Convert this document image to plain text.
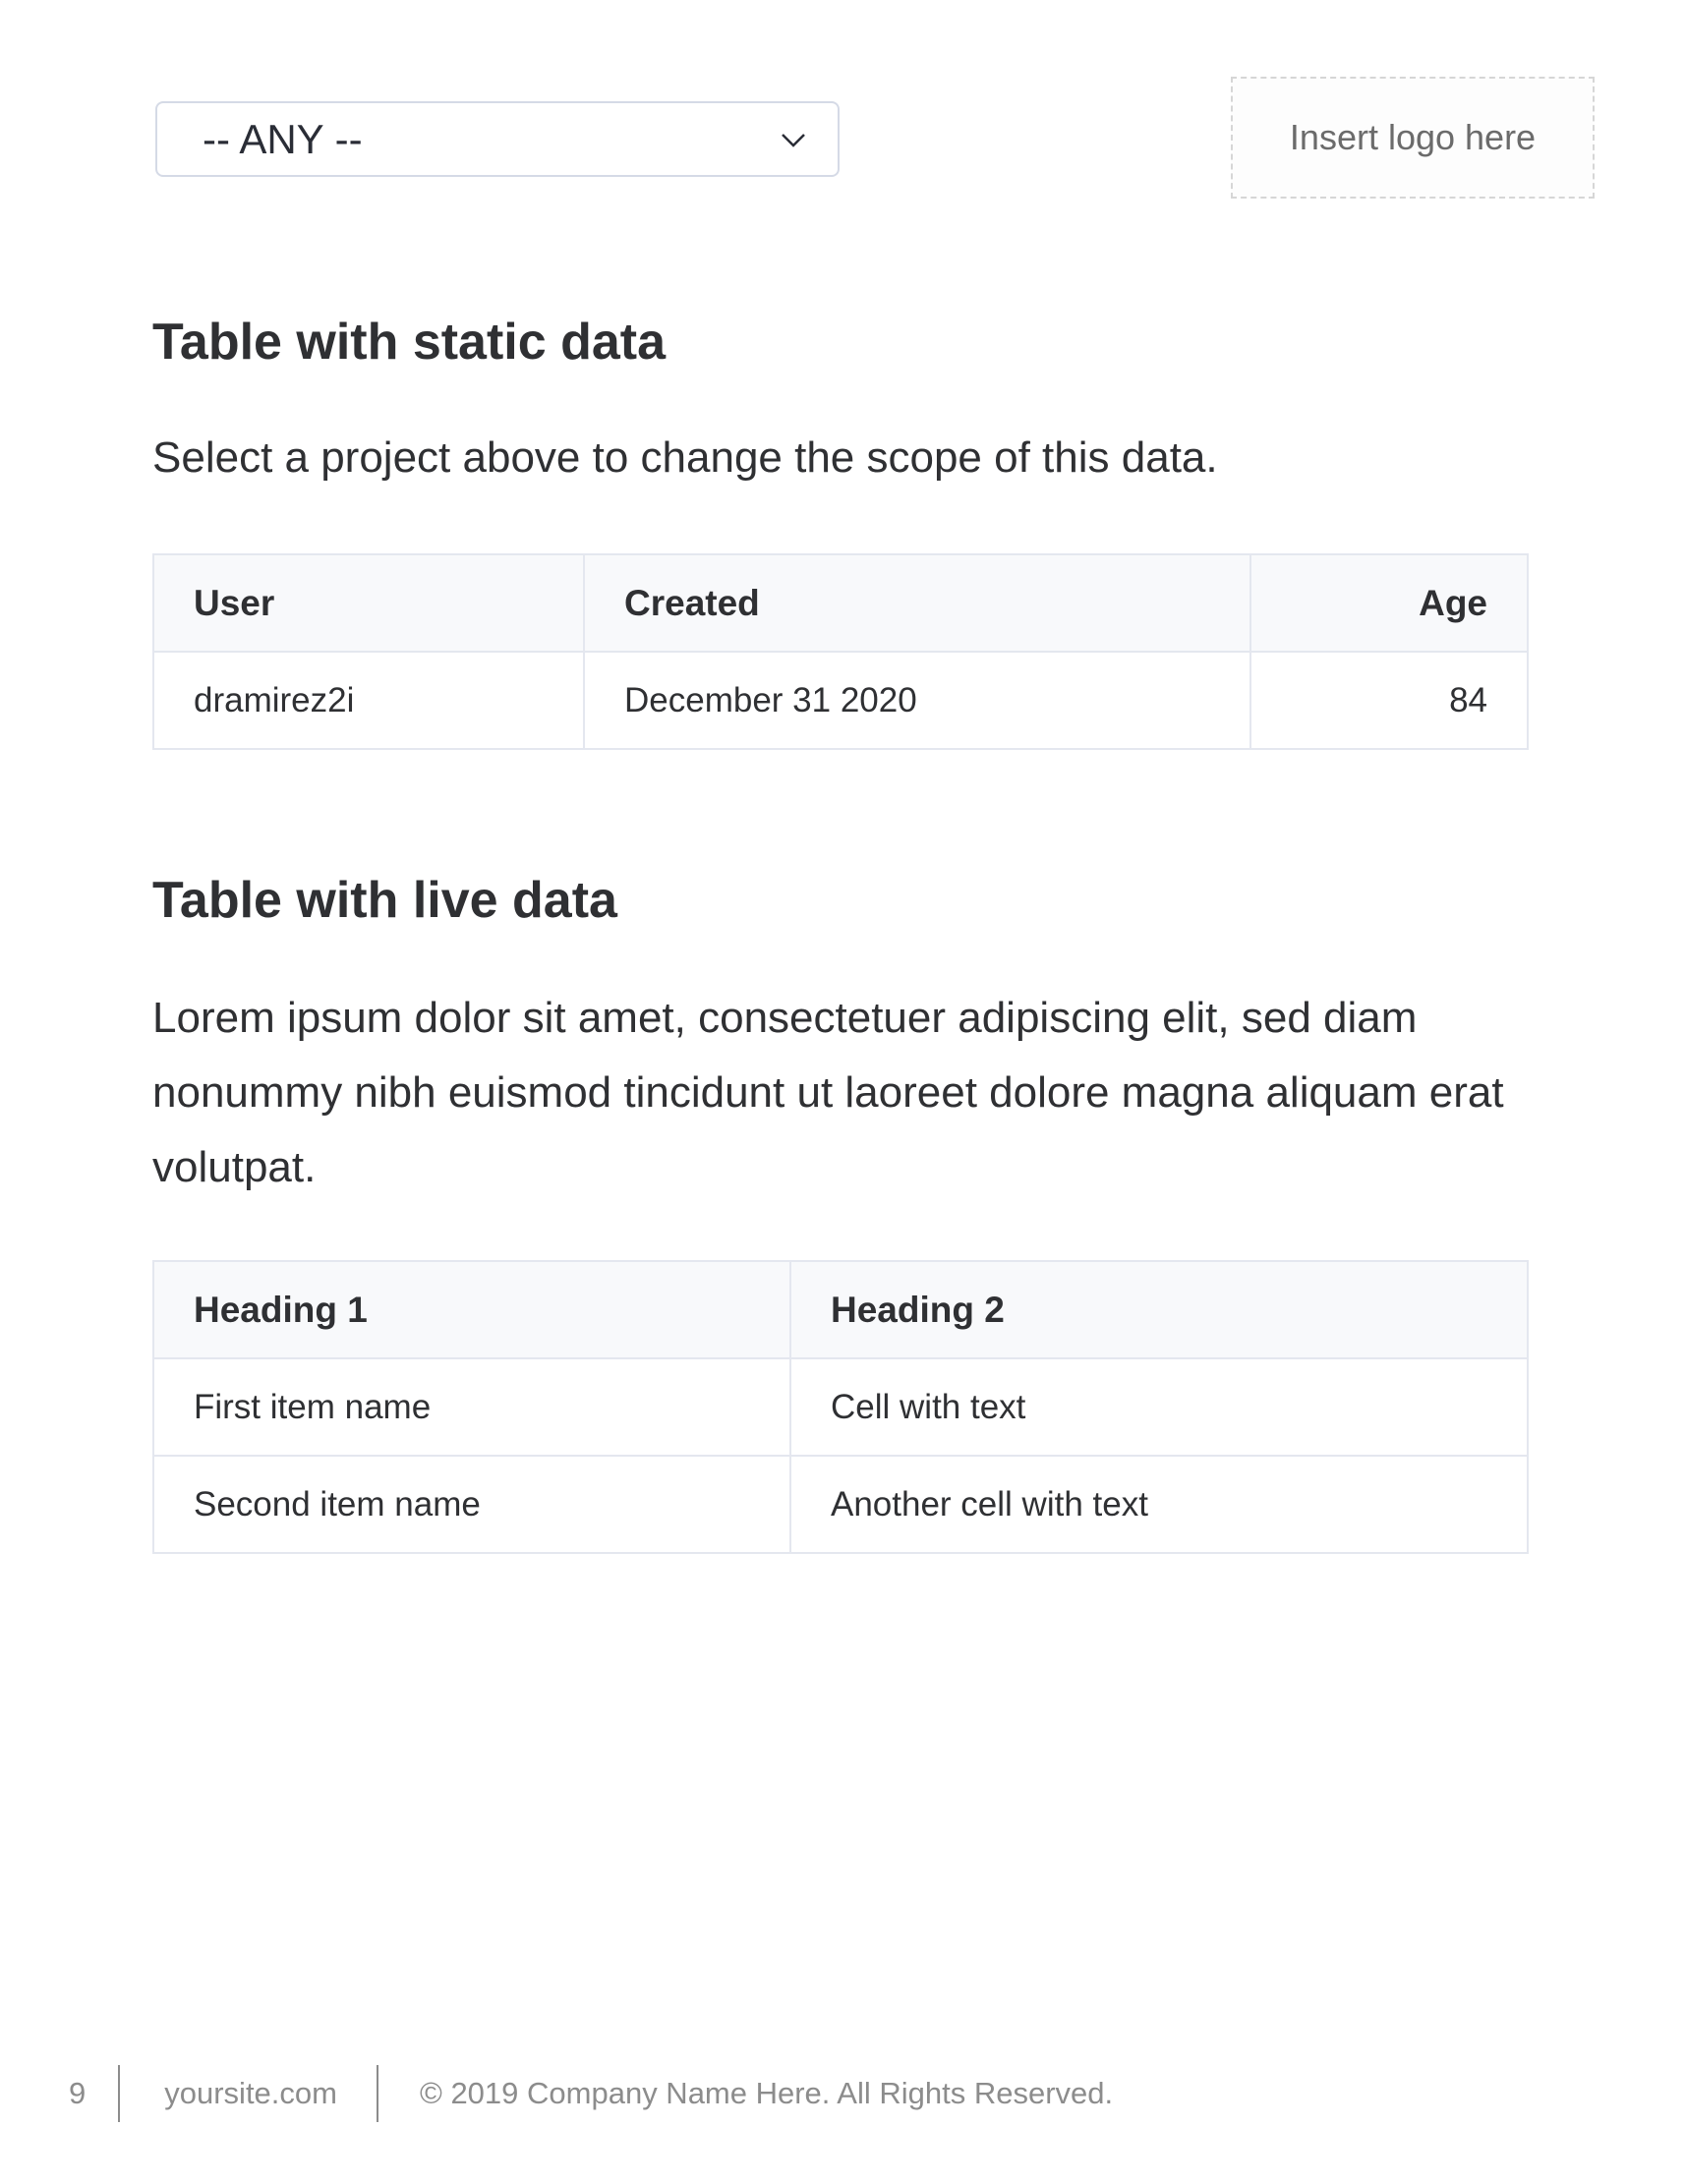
-- ANY --	Insert logo here
Table with static data

Select a project above to change the scope of this data.

User	Created	Age
dramirez2i	December 31 2020	84
Table with live data

Lorem ipsum dolor sit amet, consectetuer adipiscing elit, sed diam nonummy nibh euismod tincidunt ut laoreet dolore magna aliquam erat volutpat.

Heading 1	Heading 2
First item name	Cell with text
Second item name	Another cell with text
9	yoursite.com	© 2019 Company Name Here. All Rights Reserved.
